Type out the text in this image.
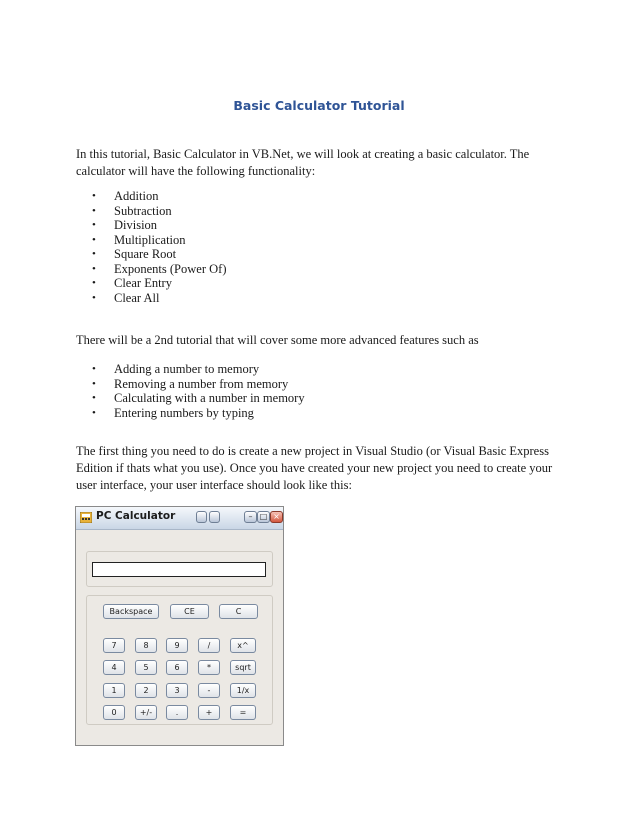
Basic Calculator Tutorial

In this tutorial, Basic Calculator in VB.Net, we will look at creating a basic calculator. The calculator will have the following functionality:

• Addition
• Subtraction
• Division
• Multiplication
• Square Root
• Exponents (Power Of)
• Clear Entry
• Clear All

There will be a 2nd tutorial that will cover some more advanced features such as

• Adding a number to memory
• Removing a number from memory
• Calculating with a number in memory
• Entering numbers by typing

The first thing you need to do is create a new project in Visual Studio (or Visual Basic Express Edition if thats what you use). Once you have created your new project you need to create your user interface, your user interface should look like this:

PC Calculator	– □ ×
Backspace	CE	C
7	8	9	/	x^
4	5	6	*	sqrt
1	2	3	-	1/x
0	+/-	.	+	=
